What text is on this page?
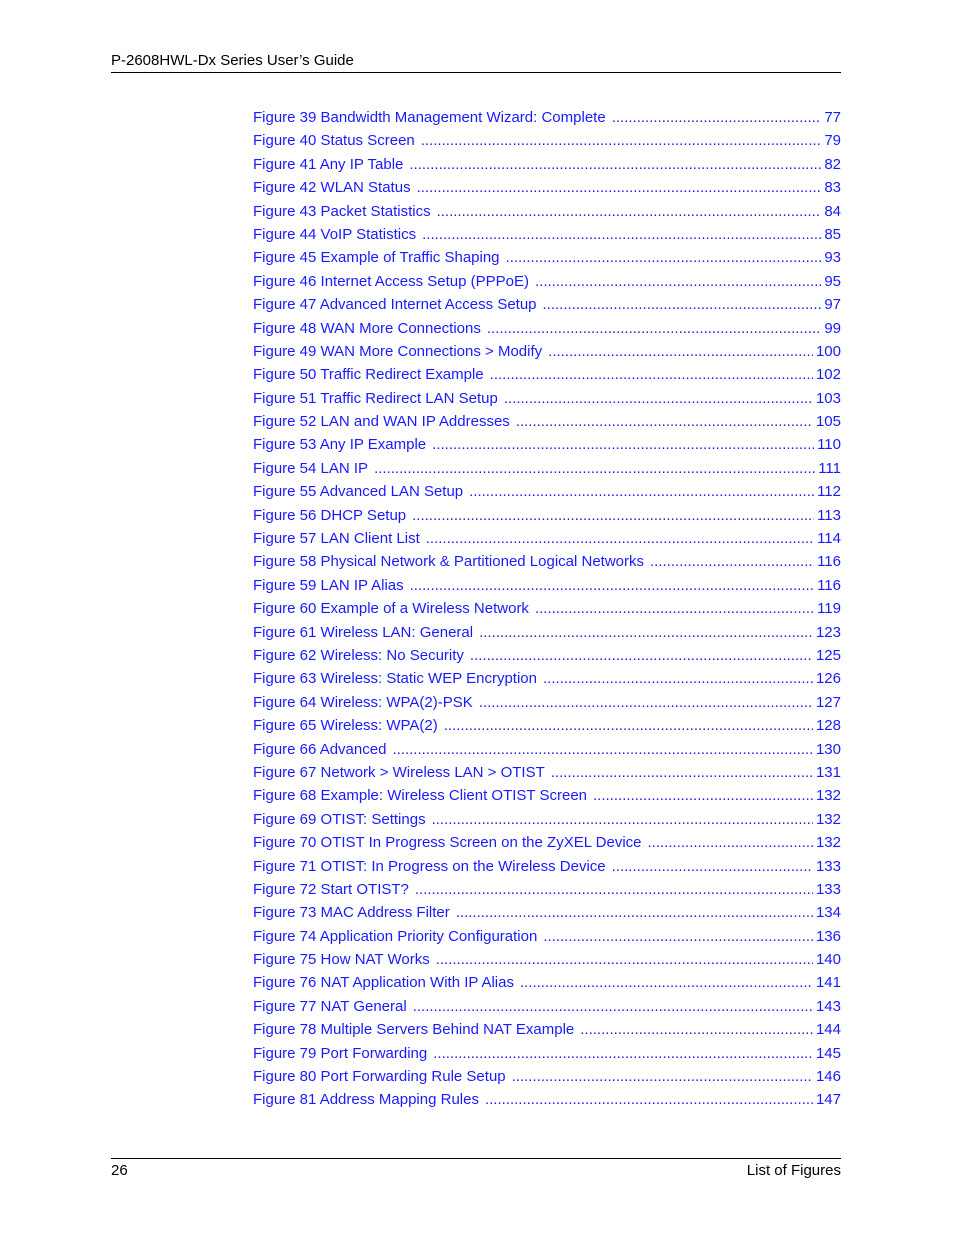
P-2608HWL-Dx Series User’s Guide
Figure 39 Bandwidth Management Wizard: Complete .....	77
Figure 40 Status Screen .....	79
Figure 41 Any IP Table .....	82
Figure 42 WLAN Status .....	83
Figure 43 Packet Statistics .....	84
Figure 44 VoIP Statistics .....	85
Figure 45 Example of Traffic Shaping .....	93
Figure 46 Internet Access Setup (PPPoE) .....	95
Figure 47 Advanced Internet Access Setup .....	97
Figure 48 WAN More Connections .....	99
Figure 49 WAN More Connections > Modify .....	100
Figure 50 Traffic Redirect Example .....	102
Figure 51 Traffic Redirect LAN Setup .....	103
Figure 52 LAN and WAN IP Addresses .....	105
Figure 53 Any IP Example .....	110
Figure 54 LAN IP .....	111
Figure 55 Advanced LAN Setup .....	112
Figure 56 DHCP Setup .....	113
Figure 57 LAN Client List .....	114
Figure 58 Physical Network & Partitioned Logical Networks .....	116
Figure 59 LAN IP Alias .....	116
Figure 60 Example of a Wireless Network .....	119
Figure 61 Wireless LAN: General .....	123
Figure 62 Wireless: No Security .....	125
Figure 63 Wireless: Static WEP Encryption .....	126
Figure 64 Wireless: WPA(2)-PSK .....	127
Figure 65 Wireless: WPA(2) .....	128
Figure 66 Advanced .....	130
Figure 67 Network > Wireless LAN > OTIST .....	131
Figure 68 Example: Wireless Client OTIST Screen .....	132
Figure 69 OTIST: Settings .....	132
Figure 70 OTIST In Progress Screen on the ZyXEL Device .....	132
Figure 71 OTIST: In Progress on the Wireless Device .....	133
Figure 72 Start OTIST? .....	133
Figure 73 MAC Address Filter .....	134
Figure 74 Application Priority Configuration .....	136
Figure 75 How NAT Works .....	140
Figure 76 NAT Application With IP Alias .....	141
Figure 77 NAT General .....	143
Figure 78 Multiple Servers Behind NAT Example .....	144
Figure 79 Port Forwarding .....	145
Figure 80 Port Forwarding Rule Setup .....	146
Figure 81 Address Mapping Rules .....	147
26	List of Figures
